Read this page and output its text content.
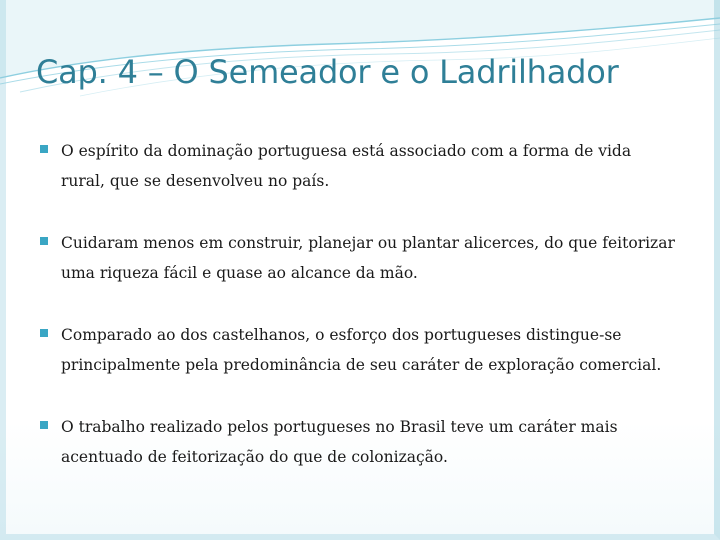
Cap. 4 – O Semeador e o Ladrilhador
O espírito da dominação portuguesa está associado com a forma de vida rural, que se desenvolveu no país.
Cuidaram menos em construir, planejar ou plantar alicerces, do que feitorizar uma riqueza fácil e quase ao alcance da mão.
Comparado ao dos castelhanos, o esforço dos portugueses distingue-se principalmente pela predominância de seu caráter de exploração comercial.
O trabalho realizado pelos portugueses no Brasil teve um caráter mais acentuado de feitorização do que de colonização.
